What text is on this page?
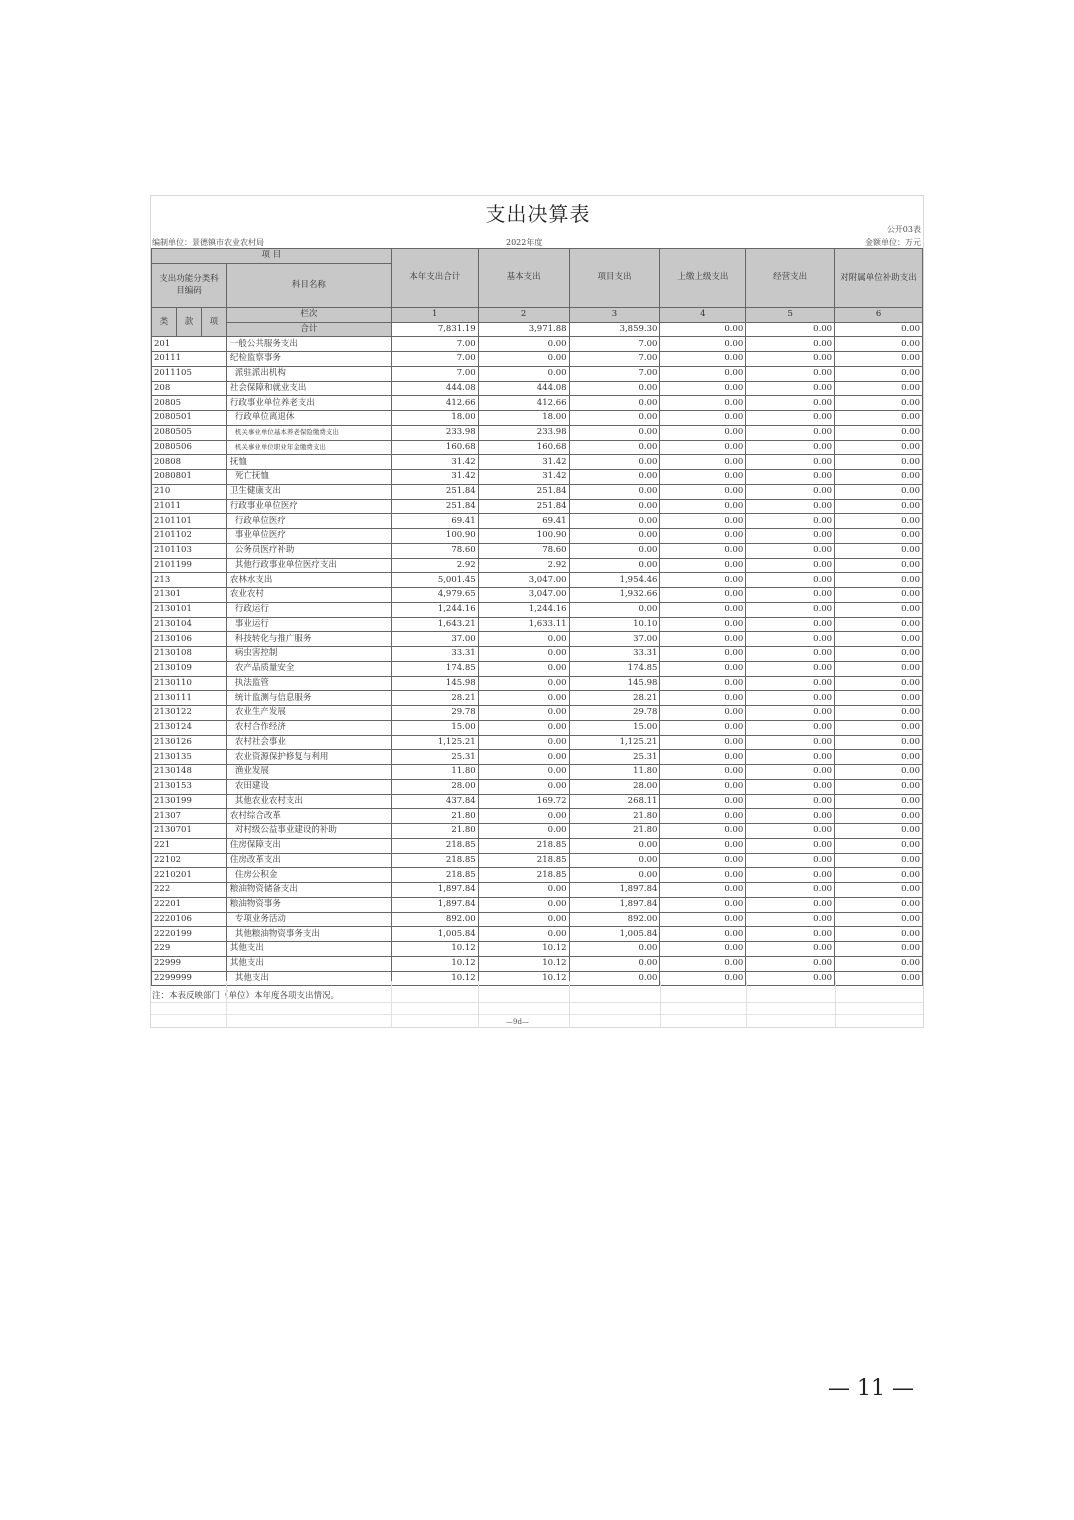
支出决算表
公开03表
编制单位：景德镇市农业农村局	2022年度	金额单位：万元
项 目				本年支出合计	基本支出	项目支出	上缴上级支出	经营支出	对附属单位补助支出
支出功能分类科目编码			科目名称						

类	款	项	栏次	1	2	3	4	5	6
			合计	7,831.19	3,971.88	3,859.30	0.00	0.00	0.00
201			一般公共服务支出	7.00	0.00	7.00	0.00	0.00	0.00
20111			纪检监察事务	7.00	0.00	7.00	0.00	0.00	0.00
2011105			派驻派出机构	7.00	0.00	7.00	0.00	0.00	0.00
208			社会保障和就业支出	444.08	444.08	0.00	0.00	0.00	0.00
20805			行政事业单位养老支出	412.66	412.66	0.00	0.00	0.00	0.00
2080501			行政单位离退休	18.00	18.00	0.00	0.00	0.00	0.00
2080505			机关事业单位基本养老保险缴费支出	233.98	233.98	0.00	0.00	0.00	0.00
2080506			机关事业单位职业年金缴费支出	160.68	160.68	0.00	0.00	0.00	0.00
20808			抚恤	31.42	31.42	0.00	0.00	0.00	0.00
2080801			死亡抚恤	31.42	31.42	0.00	0.00	0.00	0.00
210			卫生健康支出	251.84	251.84	0.00	0.00	0.00	0.00
21011			行政事业单位医疗	251.84	251.84	0.00	0.00	0.00	0.00
2101101			行政单位医疗	69.41	69.41	0.00	0.00	0.00	0.00
2101102			事业单位医疗	100.90	100.90	0.00	0.00	0.00	0.00
2101103			公务员医疗补助	78.60	78.60	0.00	0.00	0.00	0.00
2101199			其他行政事业单位医疗支出	2.92	2.92	0.00	0.00	0.00	0.00
213			农林水支出	5,001.45	3,047.00	1,954.46	0.00	0.00	0.00
21301			农业农村	4,979.65	3,047.00	1,932.66	0.00	0.00	0.00
2130101			行政运行	1,244.16	1,244.16	0.00	0.00	0.00	0.00
2130104			事业运行	1,643.21	1,633.11	10.10	0.00	0.00	0.00
2130106			科技转化与推广服务	37.00	0.00	37.00	0.00	0.00	0.00
2130108			病虫害控制	33.31	0.00	33.31	0.00	0.00	0.00
2130109			农产品质量安全	174.85	0.00	174.85	0.00	0.00	0.00
2130110			执法监管	145.98	0.00	145.98	0.00	0.00	0.00
2130111			统计监测与信息服务	28.21	0.00	28.21	0.00	0.00	0.00
2130122			农业生产发展	29.78	0.00	29.78	0.00	0.00	0.00
2130124			农村合作经济	15.00	0.00	15.00	0.00	0.00	0.00
2130126			农村社会事业	1,125.21	0.00	1,125.21	0.00	0.00	0.00
2130135			农业资源保护修复与利用	25.31	0.00	25.31	0.00	0.00	0.00
2130148			渔业发展	11.80	0.00	11.80	0.00	0.00	0.00
2130153			农田建设	28.00	0.00	28.00	0.00	0.00	0.00
2130199			其他农业农村支出	437.84	169.72	268.11	0.00	0.00	0.00
21307			农村综合改革	21.80	0.00	21.80	0.00	0.00	0.00
2130701			对村级公益事业建设的补助	21.80	0.00	21.80	0.00	0.00	0.00
221			住房保障支出	218.85	218.85	0.00	0.00	0.00	0.00
22102			住房改革支出	218.85	218.85	0.00	0.00	0.00	0.00
2210201			住房公积金	218.85	218.85	0.00	0.00	0.00	0.00
222			粮油物资储备支出	1,897.84	0.00	1,897.84	0.00	0.00	0.00
22201			粮油物资事务	1,897.84	0.00	1,897.84	0.00	0.00	0.00
2220106			专项业务活动	892.00	0.00	892.00	0.00	0.00	0.00
2220199			其他粮油物资事务支出	1,005.84	0.00	1,005.84	0.00	0.00	0.00
229			其他支出	10.12	10.12	0.00	0.00	0.00	0.00
22999			其他支出	10.12	10.12	0.00	0.00	0.00	0.00
2299999			其他支出	10.12	10.12	0.00	0.00	0.00	0.00
注：本表反映部门（单位）本年度各项支出情况。
—9d—
— 11 —
